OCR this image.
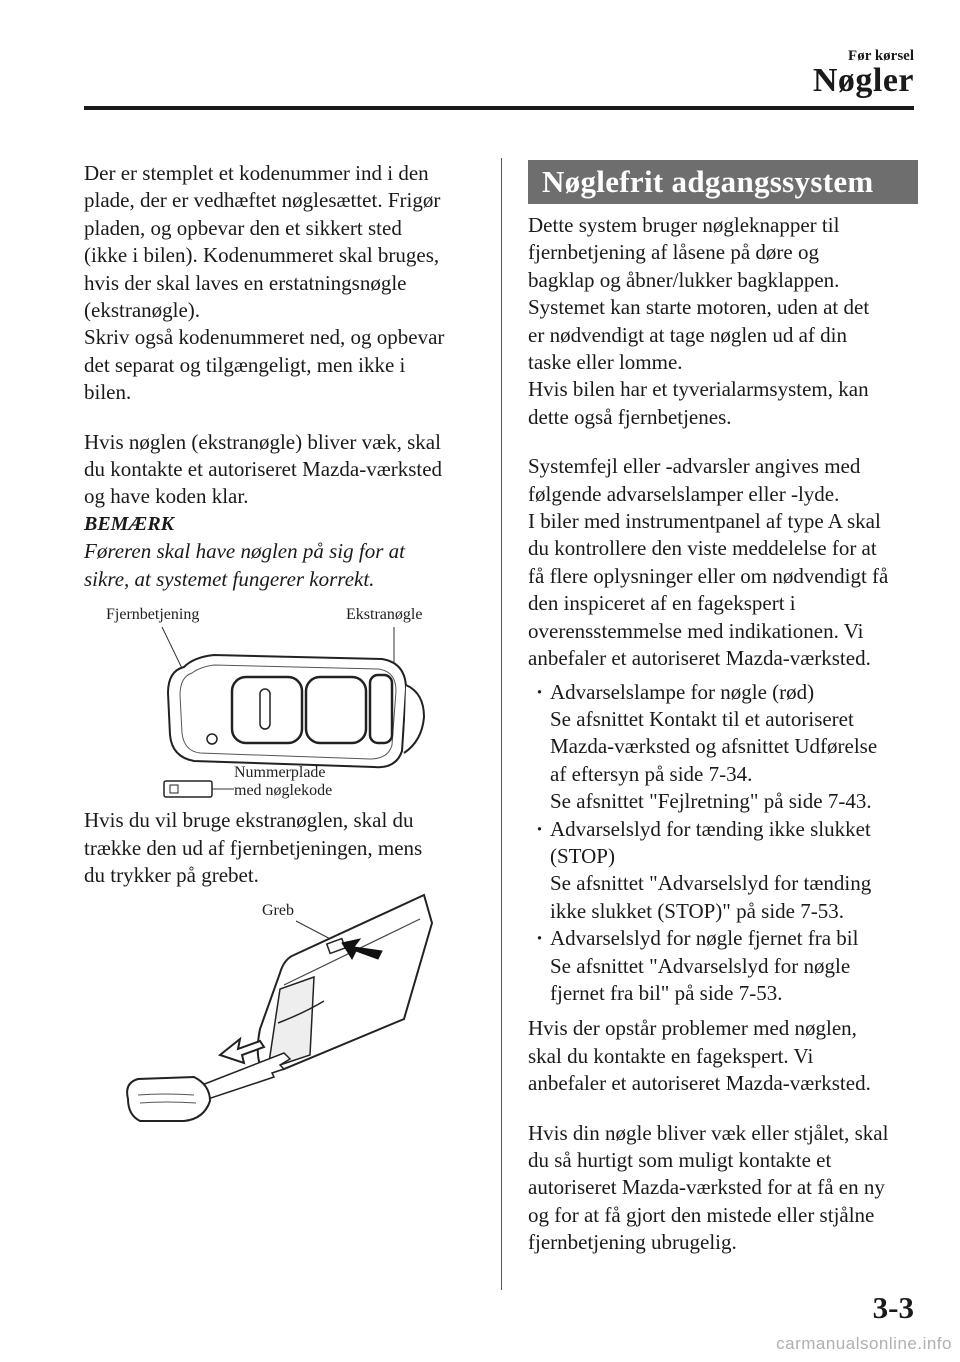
Før kørsel
Nøgler

Der er stemplet et kodenummer ind i den
plade, der er vedhæftet nøglesættet. Frigør
pladen, og opbevar den et sikkert sted
(ikke i bilen). Kodenummeret skal bruges,
hvis der skal laves en erstatningsnøgle
(ekstranøgle).
Skriv også kodenummeret ned, og opbevar
det separat og tilgængeligt, men ikke i
bilen.

Hvis nøglen (ekstranøgle) bliver væk, skal
du kontakte et autoriseret Mazda-værksted
og have koden klar.

BEMÆRK

Føreren skal have nøglen på sig for at
sikre, at systemet fungerer korrekt.

Fjernbetjening	Ekstranøgle
Nummerplade
med nøglekode

Hvis du vil bruge ekstranøglen, skal du
trække den ud af fjernbetjeningen, mens
du trykker på grebet.

Greb
Nøglefrit adgangssystem

Dette system bruger nøgleknapper til
fjernbetjening af låsene på døre og
bagklap og åbner/lukker bagklappen.
Systemet kan starte motoren, uden at det
er nødvendigt at tage nøglen ud af din
taske eller lomme.
Hvis bilen har et tyverialarmsystem, kan
dette også fjernbetjenes.

Systemfejl eller -advarsler angives med
følgende advarselslamper eller -lyde.
I biler med instrumentpanel af type A skal
du kontrollere den viste meddelelse for at
få flere oplysninger eller om nødvendigt få
den inspiceret af en fagekspert i
overensstemmelse med indikationen. Vi
anbefaler et autoriseret Mazda-værksted.

· Advarselslampe for nøgle (rød)
Se afsnittet Kontakt til et autoriseret
Mazda-værksted og afsnittet Udførelse
af eftersyn på side 7-34.
Se afsnittet "Fejlretning" på side 7-43.
· Advarselslyd for tænding ikke slukket
(STOP)
Se afsnittet "Advarselslyd for tænding
ikke slukket (STOP)" på side 7-53.
· Advarselslyd for nøgle fjernet fra bil
Se afsnittet "Advarselslyd for nøgle
fjernet fra bil" på side 7-53.

Hvis der opstår problemer med nøglen,
skal du kontakte en fagekspert. Vi
anbefaler et autoriseret Mazda-værksted.

Hvis din nøgle bliver væk eller stjålet, skal
du så hurtigt som muligt kontakte et
autoriseret Mazda-værksted for at få en ny
og for at få gjort den mistede eller stjålne
fjernbetjening ubrugelig.

3-3
carmanualsonline.info
